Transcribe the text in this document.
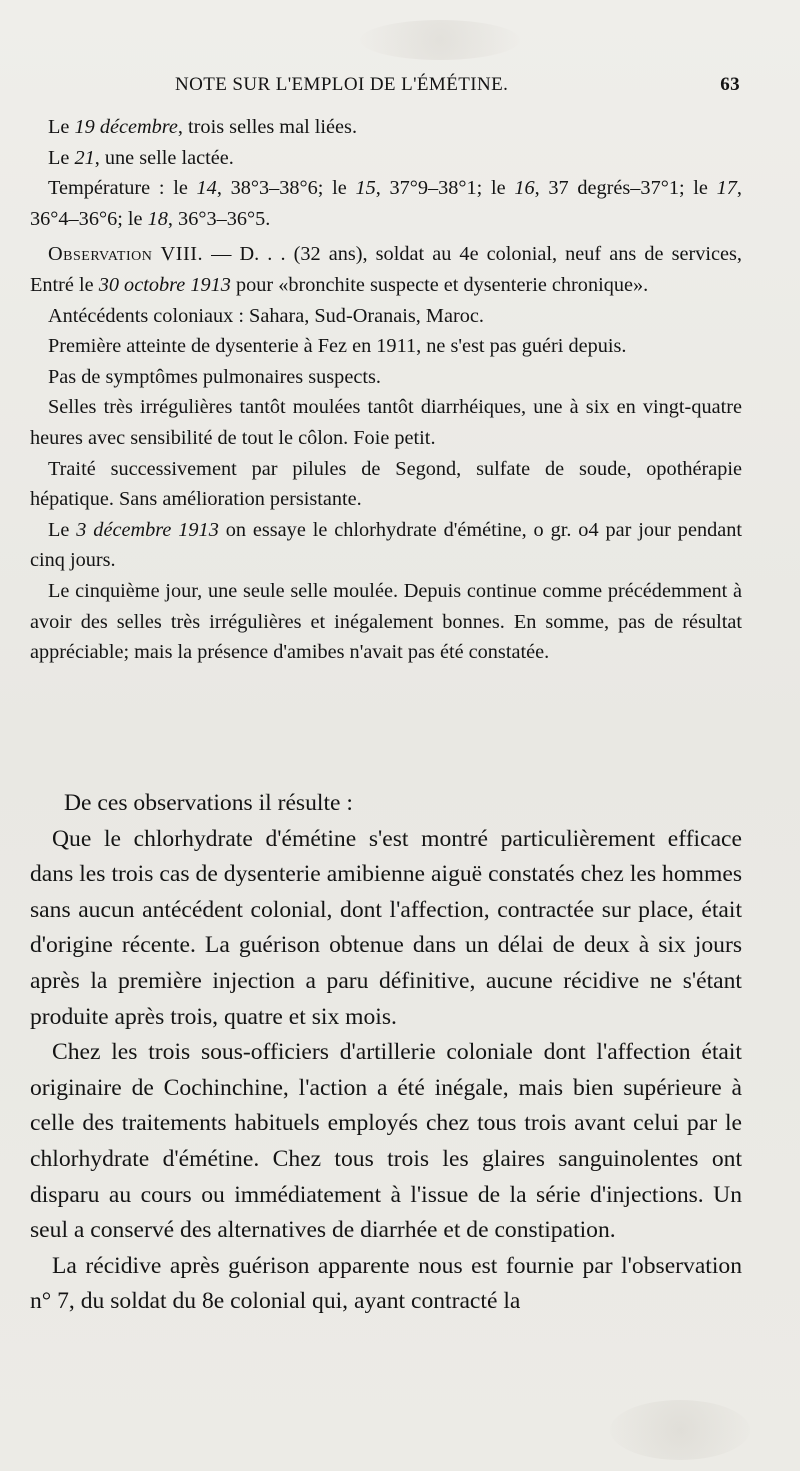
NOTE SUR L'EMPLOI DE L'ÉMÉTINE.	63

Le 19 décembre, trois selles mal liées.

Le 21, une selle lactée.

Température : le 14, 38°3–38°6; le 15, 37°9–38°1; le 16, 37 degrés–37°1; le 17, 36°4–36°6; le 18, 36°3–36°5.

Observation VIII. — D. . . (32 ans), soldat au 4e colonial, neuf ans de services, Entré le 30 octobre 1913 pour «bronchite suspecte et dysenterie chronique».

Antécédents coloniaux : Sahara, Sud-Oranais, Maroc.

Première atteinte de dysenterie à Fez en 1911, ne s'est pas guéri depuis.

Pas de symptômes pulmonaires suspects.

Selles très irrégulières tantôt moulées tantôt diarrhéiques, une à six en vingt-quatre heures avec sensibilité de tout le côlon. Foie petit.

Traité successivement par pilules de Segond, sulfate de soude, opothérapie hépatique. Sans amélioration persistante.

Le 3 décembre 1913 on essaye le chlorhydrate d'émétine, o gr. o4 par jour pendant cinq jours.

Le cinquième jour, une seule selle moulée. Depuis continue comme précédemment à avoir des selles très irrégulières et inégalement bonnes. En somme, pas de résultat appréciable; mais la présence d'amibes n'avait pas été constatée.

De ces observations il résulte :

Que le chlorhydrate d'émétine s'est montré particulièrement efficace dans les trois cas de dysenterie amibienne aiguë constatés chez les hommes sans aucun antécédent colonial, dont l'affection, contractée sur place, était d'origine récente. La guérison obtenue dans un délai de deux à six jours après la première injection a paru définitive, aucune récidive ne s'étant produite après trois, quatre et six mois.

Chez les trois sous-officiers d'artillerie coloniale dont l'affection était originaire de Cochinchine, l'action a été inégale, mais bien supérieure à celle des traitements habituels employés chez tous trois avant celui par le chlorhydrate d'émétine. Chez tous trois les glaires sanguinolentes ont disparu au cours ou immédiatement à l'issue de la série d'injections. Un seul a conservé des alternatives de diarrhée et de constipation.

La récidive après guérison apparente nous est fournie par l'observation n° 7, du soldat du 8e colonial qui, ayant contracté la
